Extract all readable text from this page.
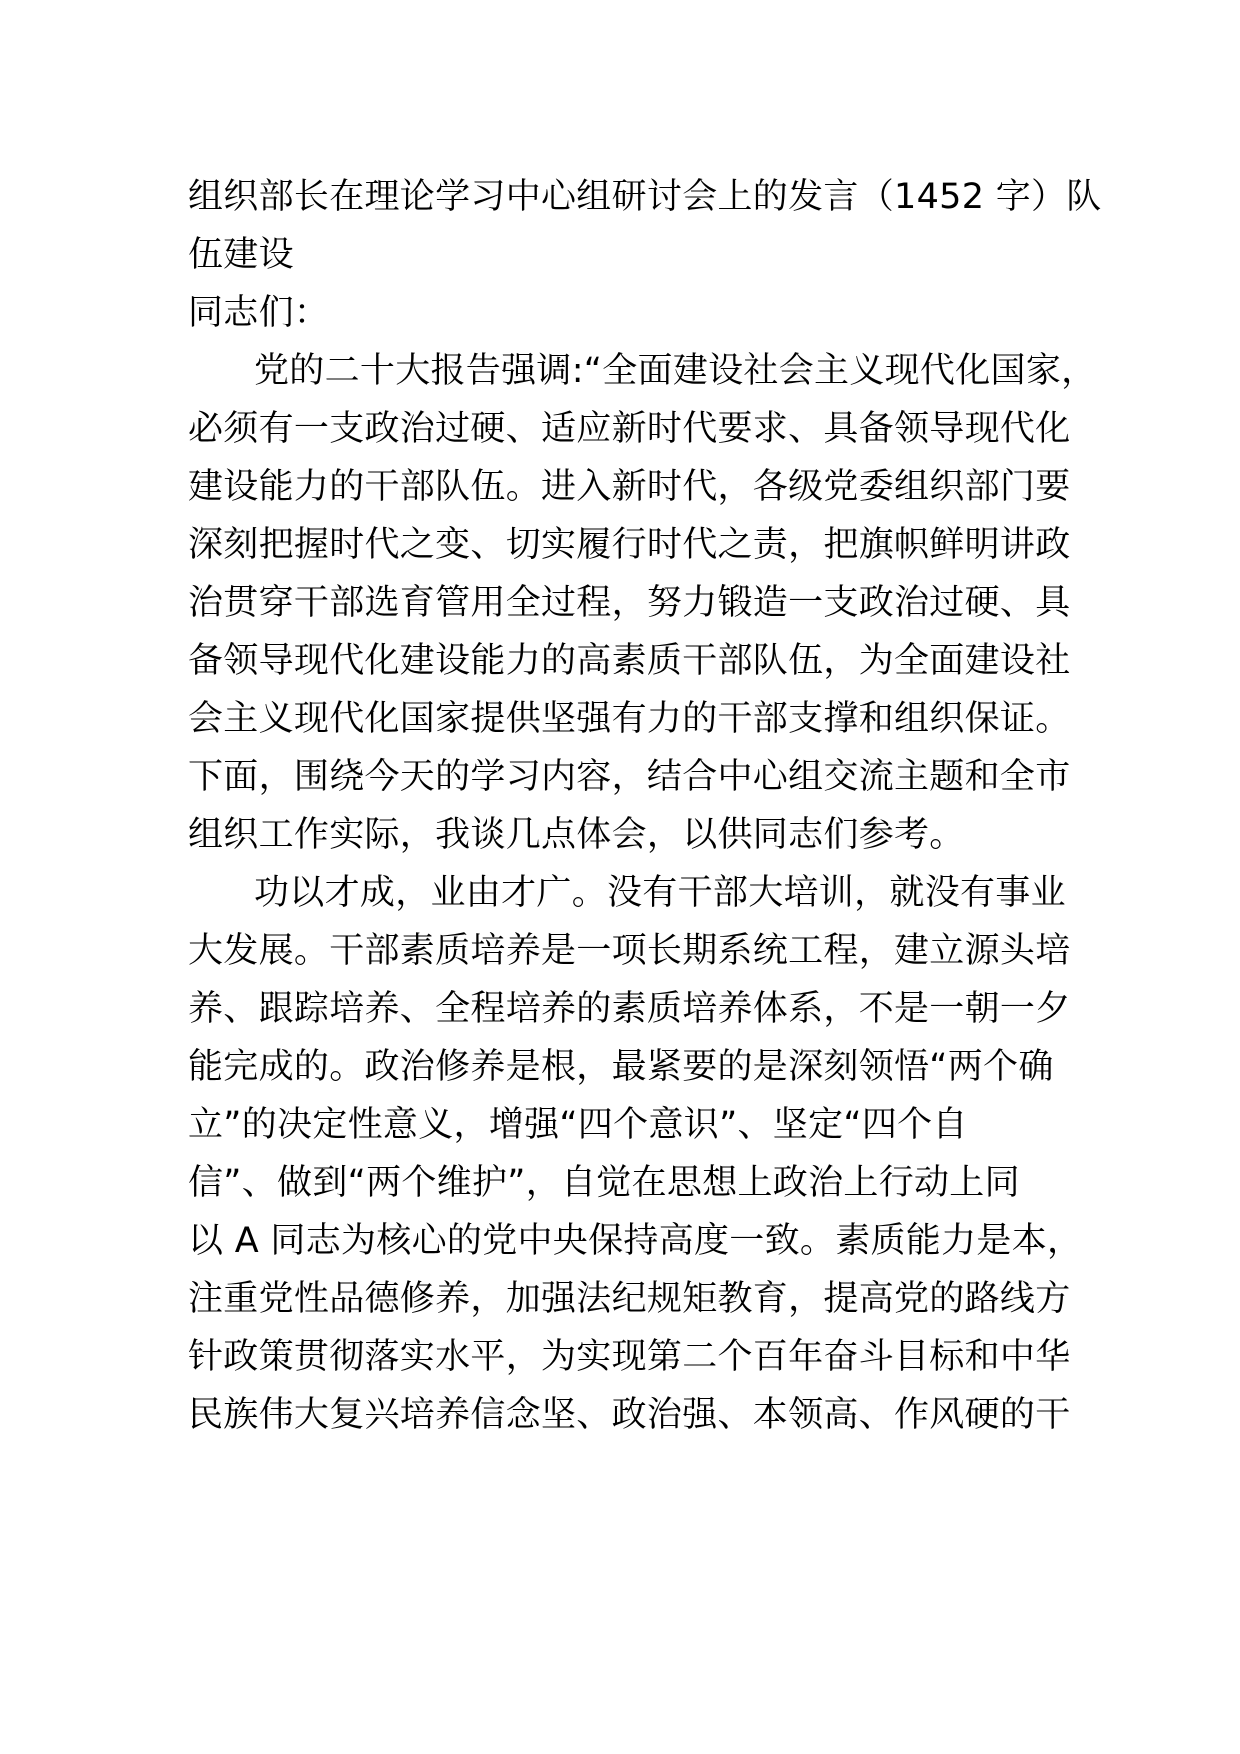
组织部长在理论学习中心组研讨会上的发言（1452 字）队
伍建设
同志们：
党的二十大报告强调:“全面建设社会主义现代化国家，
必须有一支政治过硬、适应新时代要求、具备领导现代化
建设能力的干部队伍。进入新时代，各级党委组织部门要
深刻把握时代之变、切实履行时代之责，把旗帜鲜明讲政
治贯穿干部选育管用全过程，努力锻造一支政治过硬、具
备领导现代化建设能力的高素质干部队伍，为全面建设社
会主义现代化国家提供坚强有力的干部支撑和组织保证。
下面，围绕今天的学习内容，结合中心组交流主题和全市
组织工作实际，我谈几点体会，以供同志们参考。
功以才成，业由才广。没有干部大培训，就没有事业
大发展。干部素质培养是一项长期系统工程，建立源头培
养、跟踪培养、全程培养的素质培养体系，不是一朝一夕
能完成的。政治修养是根，最紧要的是深刻领悟“两个确
立”的决定性意义，增强“四个意识”、坚定“四个自
信”、做到“两个维护”，自觉在思想上政治上行动上同
以 A 同志为核心的党中央保持高度一致。素质能力是本，
注重党性品德修养，加强法纪规矩教育，提高党的路线方
针政策贯彻落实水平，为实现第二个百年奋斗目标和中华
民族伟大复兴培养信念坚、政治强、本领高、作风硬的干
